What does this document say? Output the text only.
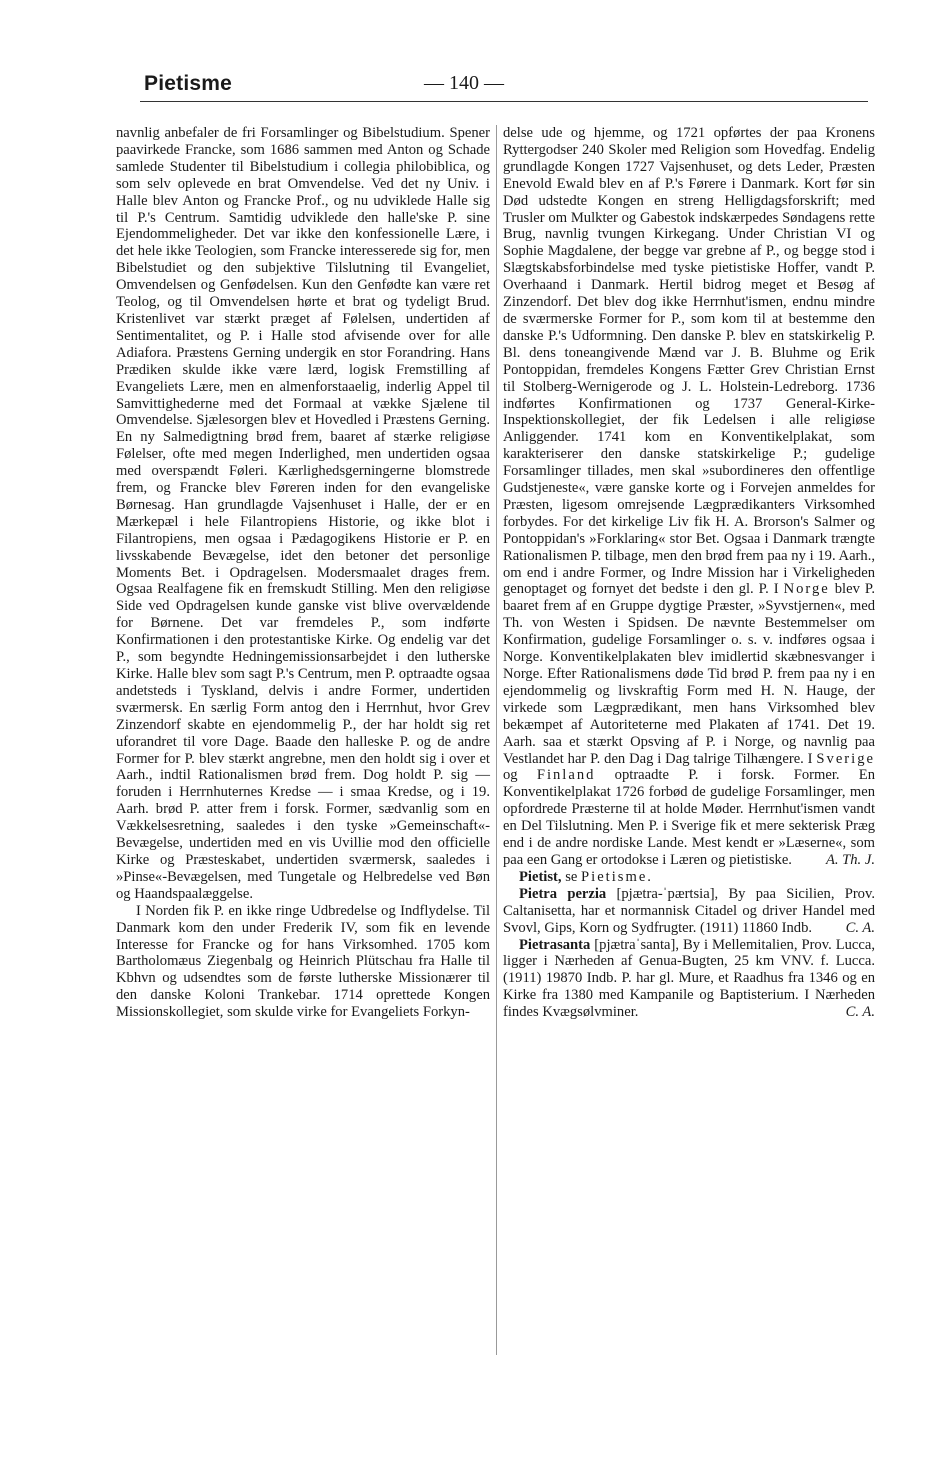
Pietisme	— 140 —

navnlig anbefaler de fri Forsamlinger og Bibelstudium. Spener paavirkede Francke, som 1686 sammen med Anton og Schade samlede Studenter til Bibelstudium i collegia philobiblica, og som selv oplevede en brat Omvendelse. Ved det ny Univ. i Halle blev Anton og Francke Prof., og nu udviklede Halle sig til P.'s Centrum. Samtidig udviklede den halle'ske P. sine Ejendommeligheder. Det var ikke den konfessionelle Lære, i det hele ikke Teologien, som Francke interesserede sig for, men Bibelstudiet og den subjektive Tilslutning til Evangeliet, Omvendelsen og Genfødelsen. Kun den Genfødte kan være ret Teolog, og til Omvendelsen hørte et brat og tydeligt Brud. Kristenlivet var stærkt præget af Følelsen, undertiden af Sentimentalitet, og P. i Halle stod afvisende over for alle Adiafora. Præstens Gerning undergik en stor Forandring. Hans Prædiken skulde ikke være lærd, logisk Fremstilling af Evangeliets Lære, men en almenforstaaelig, inderlig Appel til Samvittighederne med det Formaal at vække Sjælene til Omvendelse. Sjælesorgen blev et Hovedled i Præstens Gerning. En ny Salmedigtning brød frem, baaret af stærke religiøse Følelser, ofte med megen Inderlighed, men undertiden ogsaa med overspændt Føleri. Kærlighedsgerningerne blomstrede frem, og Francke blev Føreren inden for den evangeliske Børnesag. Han grundlagde Vajsenhuset i Halle, der er en Mærkepæl i hele Filantropiens Historie, og ikke blot i Filantropiens, men ogsaa i Pædagogikens Historie er P. en livsskabende Bevægelse, idet den betoner det personlige Moments Bet. i Opdragelsen. Modersmaalet drages frem. Ogsaa Realfagene fik en fremskudt Stilling. Men den religiøse Side ved Opdragelsen kunde ganske vist blive overvældende for Børnene. Det var fremdeles P., som indførte Konfirmationen i den protestantiske Kirke. Og endelig var det P., som begyndte Hedningemissionsarbejdet i den lutherske Kirke. Halle blev som sagt P.'s Centrum, men P. optraadte ogsaa andetsteds i Tyskland, delvis i andre Former, undertiden sværmersk. En særlig Form antog den i Herrnhut, hvor Grev Zinzendorf skabte en ejendommelig P., der har holdt sig ret uforandret til vore Dage. Baade den halleske P. og de andre Former for P. blev stærkt angrebne, men den holdt sig i over et Aarh., indtil Rationalismen brød frem. Dog holdt P. sig — foruden i Herrnhuternes Kredse — i smaa Kredse, og i 19. Aarh. brød P. atter frem i forsk. Former, sædvanlig som en Vækkelsesretning, saaledes i den tyske »Gemeinschaft«-Bevægelse, undertiden med en vis Uvillie mod den officielle Kirke og Præsteskabet, undertiden sværmersk, saaledes i »Pinse«-Bevægelsen, med Tungetale og Helbredelse ved Bøn og Haandspaalæggelse.

I Norden fik P. en ikke ringe Udbredelse og Indflydelse. Til Danmark kom den under Frederik IV, som fik en levende Interesse for Francke og for hans Virksomhed. 1705 kom Bartholomæus Ziegenbalg og Heinrich Plütschau fra Halle til Kbhvn og udsendtes som de første lutherske Missionærer til den danske Koloni Trankebar. 1714 oprettede Kongen Missionskollegiet, som skulde virke for Evangeliets Forkyn-

delse ude og hjemme, og 1721 opførtes der paa Kronens Ryttergodser 240 Skoler med Religion som Hovedfag. Endelig grundlagde Kongen 1727 Vajsenhuset, og dets Leder, Præsten Enevold Ewald blev en af P.'s Førere i Danmark. Kort før sin Død udstedte Kongen en streng Helligdagsforskrift; med Trusler om Mulkter og Gabestok indskærpedes Søndagens rette Brug, navnlig tvungen Kirkegang. Under Christian VI og Sophie Magdalene, der begge var grebne af P., og begge stod i Slægtskabsforbindelse med tyske pietistiske Hoffer, vandt P. Overhaand i Danmark. Hertil bidrog meget et Besøg af Zinzendorf. Det blev dog ikke Herrnhut'ismen, endnu mindre de sværmerske Former for P., som kom til at bestemme den danske P.'s Udformning. Den danske P. blev en statskirkelig P. Bl. dens toneangivende Mænd var J. B. Bluhme og Erik Pontoppidan, fremdeles Kongens Fætter Grev Christian Ernst til Stolberg-Wernigerode og J. L. Holstein-Ledreborg. 1736 indførtes Konfirmationen og 1737 General-Kirke-Inspektionskollegiet, der fik Ledelsen i alle religiøse Anliggender. 1741 kom en Konventikelplakat, som karakteriserer den danske statskirkelige P.; gudelige Forsamlinger tillades, men skal »subordineres den offentlige Gudstjeneste«, være ganske korte og i Forvejen anmeldes for Præsten, ligesom omrejsende Lægprædikanters Virksomhed forbydes. For det kirkelige Liv fik H. A. Brorson's Salmer og Pontoppidan's »Forklaring« stor Bet. Ogsaa i Danmark trængte Rationalismen P. tilbage, men den brød frem paa ny i 19. Aarh., om end i andre Former, og Indre Mission har i Virkeligheden genoptaget og fornyet det bedste i den gl. P. I Norge blev P. baaret frem af en Gruppe dygtige Præster, »Syvstjernen«, med Th. von Westen i Spidsen. De nævnte Bestemmelser om Konfirmation, gudelige Forsamlinger o. s. v. indføres ogsaa i Norge. Konventikelplakaten blev imidlertid skæbnesvanger i Norge. Efter Rationalismens døde Tid brød P. frem paa ny i en ejendommelig og livskraftig Form med H. N. Hauge, der virkede som Lægprædikant, men hans Virksomhed blev bekæmpet af Autoriteterne med Plakaten af 1741. Det 19. Aarh. saa et stærkt Opsving af P. i Norge, og navnlig paa Vestlandet har P. den Dag i Dag talrige Tilhængere. I Sverige og Finland optraadte P. i forsk. Former. En Konventikelplakat 1726 forbød de gudelige Forsamlinger, men opfordrede Præsterne til at holde Møder. Herrnhut'ismen vandt en Del Tilslutning. Men P. i Sverige fik et mere sekterisk Præg end i de andre nordiske Lande. Mest kendt er »Læserne«, som paa een Gang er ortodokse i Læren og pietistiske. A. Th. J.

Pietist, se Pietisme.

Pietra perzia [pjætra-ˈpærtsia], By paa Sicilien, Prov. Caltanisetta, har et normannisk Citadel og driver Handel med Svovl, Gips, Korn og Sydfrugter. (1911) 11860 Indb.	C. A.

Pietrasanta [pjætraˈsanta], By i Mellemitalien, Prov. Lucca, ligger i Nærheden af Genua-Bugten, 25 km VNV. f. Lucca. (1911) 19870 Indb. P. har gl. Mure, et Raadhus fra 1346 og en Kirke fra 1380 med Kampanile og Baptisterium. I Nærheden findes Kvægsølvminer.	C. A.
